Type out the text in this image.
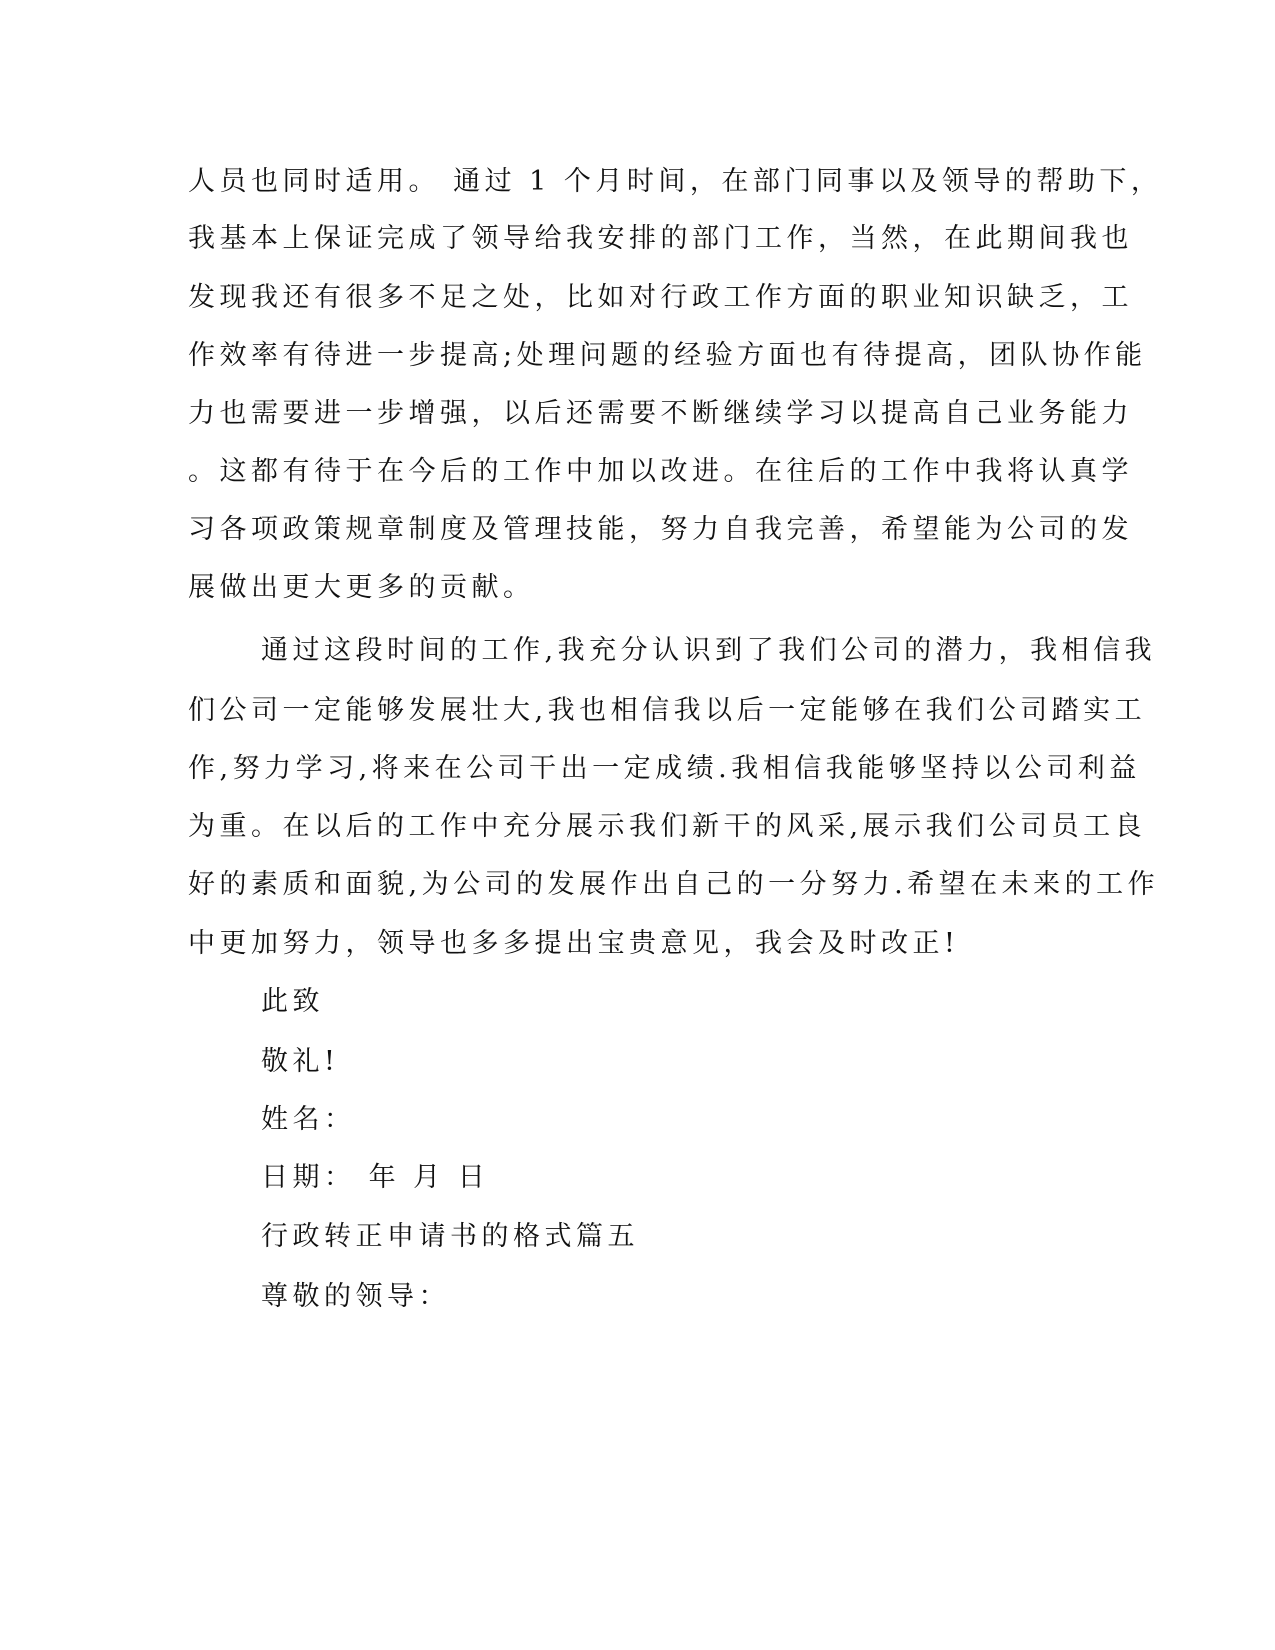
人员也同时适用。 通过 1 个月时间，在部门同事以及领导的帮助下，
我基本上保证完成了领导给我安排的部门工作，当然，在此期间我也
发现我还有很多不足之处，比如对行政工作方面的职业知识缺乏，工
作效率有待进一步提高;处理问题的经验方面也有待提高，团队协作能
力也需要进一步增强，以后还需要不断继续学习以提高自己业务能力
。这都有待于在今后的工作中加以改进。在往后的工作中我将认真学
习各项政策规章制度及管理技能，努力自我完善，希望能为公司的发
展做出更大更多的贡献。
通过这段时间的工作,我充分认识到了我们公司的潜力，我相信我
们公司一定能够发展壮大,我也相信我以后一定能够在我们公司踏实工
作,努力学习,将来在公司干出一定成绩.我相信我能够坚持以公司利益
为重。在以后的工作中充分展示我们新干的风采,展示我们公司员工良
好的素质和面貌,为公司的发展作出自己的一分努力.希望在未来的工作
中更加努力，领导也多多提出宝贵意见，我会及时改正!
此致
敬礼!
姓名：
日期： 年 月 日
行政转正申请书的格式篇五
尊敬的领导：
